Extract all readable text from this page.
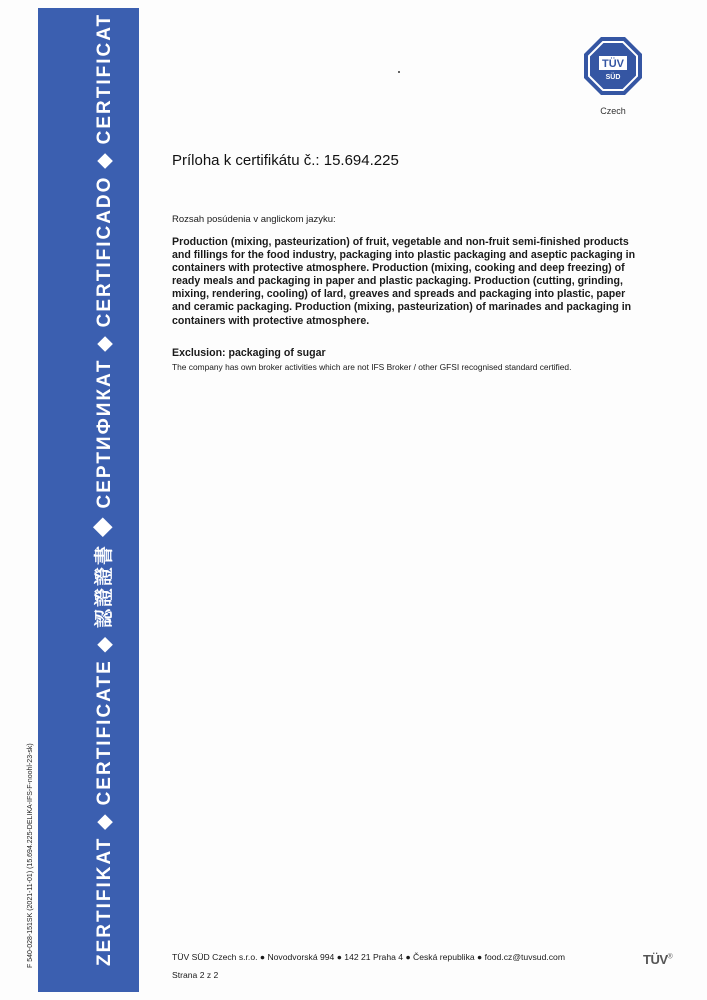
ZERTIFIKAT ◆ CERTIFICATE ◆ 認證證書 ◆ СЕРТИФИКАТ ◆ CERTIFICADO ◆ CERTIFICAT
F 540-028-151SK (2021-11-01) (15.694.225-DELIKA-IFS-F-noohl-23-sk)
TÜV
SÜD
Czech
Príloha k certifikátu č.: 15.694.225
Rozsah posúdenia v anglickom jazyku:
Production (mixing, pasteurization) of fruit, vegetable and non-fruit semi-finished products and fillings for the food industry, packaging into plastic packaging and aseptic packaging in containers with protective atmosphere. Production (mixing, cooking and deep freezing) of ready meals and packaging in paper and plastic packaging. Production (cutting, grinding, mixing, rendering, cooling) of lard, greaves and spreads and packaging into plastic, paper and ceramic packaging. Production (mixing, pasteurization) of marinades and packaging in containers with protective atmosphere.
Exclusion: packaging of sugar
The company has own broker activities which are not IFS Broker / other GFSI recognised standard certified.
TÜV SÜD Czech s.r.o. ● Novodvorská 994 ● 142 21 Praha 4 ● Česká republika ● food.cz@tuvsud.com
Strana 2 z 2
TÜV®
